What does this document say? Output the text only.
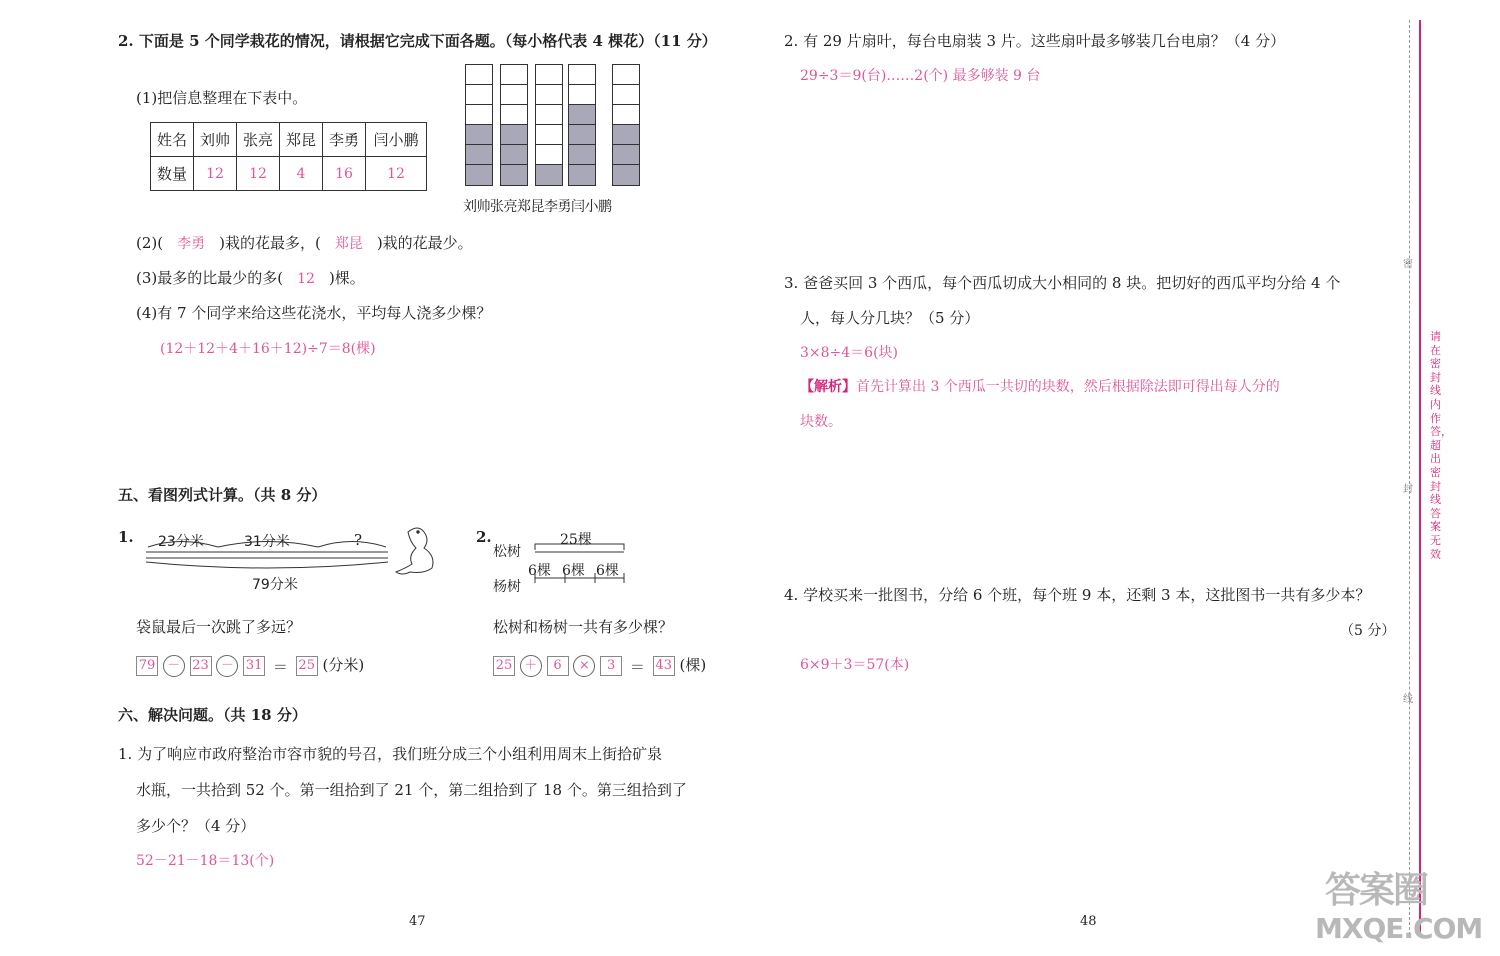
2. 下面是 5 个同学栽花的情况，请根据它完成下面各题。（每小格代表 4 棵花）（11 分）
(1)把信息整理在下表中。
姓名	刘帅	张亮	郑昆	李勇	闫小鹏
数量	12	12	4	16	12
刘帅张亮郑昆李勇闫小鹏
(2)( 李勇 )栽的花最多，( 郑昆 )栽的花最少。
(3)最多的比最少的多( 12 )棵。
(4)有 7 个同学来给这些花浇水，平均每人浇多少棵？
(12＋12＋4＋16＋12)÷7＝8(棵)
五、看图列式计算。（共 8 分）
1. 23分米	31分米	?
79分米
袋鼠最后一次跳了多远？
79 － 23 － 31 ＝ 25 (分米)
2.
松树
杨树
25棵
6棵 6棵 6棵
松树和杨树一共有多少棵？
25 ＋ 6 × 3 ＝ 43 (棵)
六、解决问题。（共 18 分）
1. 为了响应市政府整治市容市貌的号召，我们班分成三个小组利用周末上街拾矿泉
水瓶，一共拾到 52 个。第一组拾到了 21 个，第二组拾到了 18 个。第三组拾到了
多少个？（4 分）
52－21－18＝13(个)
47
2. 有 29 片扇叶，每台电扇装 3 片。这些扇叶最多够装几台电扇？（4 分）
29÷3＝9(台)……2(个) 最多够装 9 台
3. 爸爸买回 3 个西瓜，每个西瓜切成大小相同的 8 块。把切好的西瓜平均分给 4 个
人，每人分几块？（5 分）
3×8÷4＝6(块)
【解析】首先计算出 3 个西瓜一共切的块数，然后根据除法即可得出每人分的
块数。
4. 学校买来一批图书，分给 6 个班，每个班 9 本，还剩 3 本，这批图书一共有多少本？
（5 分）
6×9＋3＝57(本)
48
密
封
线
请在密封线内作答，超出密封线答案无效
答案圈
MXQE.COM
